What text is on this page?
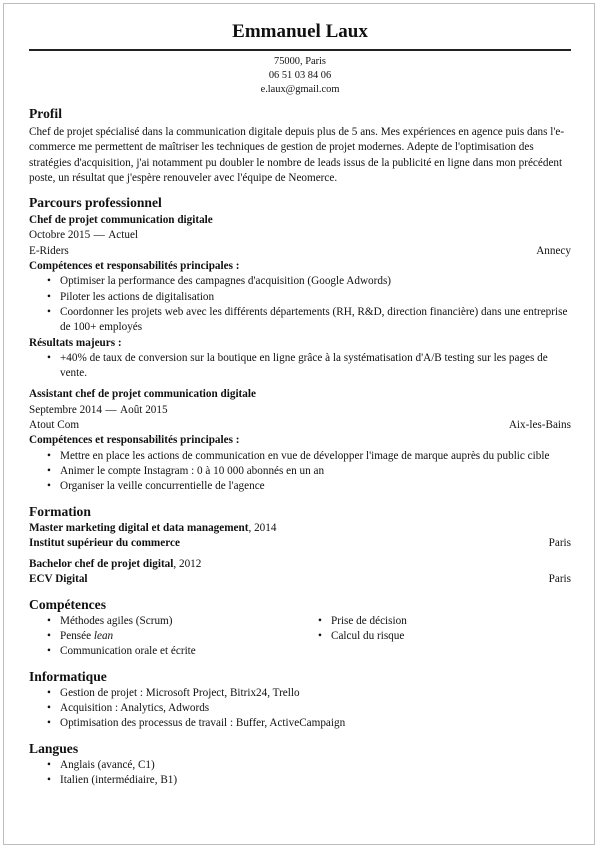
Emmanuel Laux
75000, Paris
06 51 03 84 06
e.laux@gmail.com
Profil

Chef de projet spécialisé dans la communication digitale depuis plus de 5 ans. Mes expériences en agence puis dans l'e-commerce me permettent de maîtriser les techniques de gestion de projet modernes. Adepte de l'optimisation des stratégies d'acquisition, j'ai notamment pu doubler le nombre de leads issus de la publicité en ligne dans mon précédent poste, un résultat que j'espère renouveler avec l'équipe de Neomerce.

Parcours professionnel
Chef de projet communication digitale
Octobre 2015 — Actuel
E-Riders	Annecy
Compétences et responsabilités principales :
• Optimiser la performance des campagnes d'acquisition (Google Adwords)
• Piloter les actions de digitalisation
• Coordonner les projets web avec les différents départements (RH, R&D, direction financière) dans une entreprise de 100+ employés
Résultats majeurs :
• +40% de taux de conversion sur la boutique en ligne grâce à la systématisation d'A/B testing sur les pages de vente.
Assistant chef de projet communication digitale
Septembre 2014 — Août 2015
Atout Com	Aix-les-Bains
Compétences et responsabilités principales :
• Mettre en place les actions de communication en vue de développer l'image de marque auprès du public cible
• Animer le compte Instagram : 0 à 10 000 abonnés en un an
• Organiser la veille concurrentielle de l'agence
Formation
Master marketing digital et data management, 2014
Institut supérieur du commerce	Paris
Bachelor chef de projet digital, 2012
ECV Digital	Paris
Compétences
• Méthodes agiles (Scrum)
• Pensée lean
• Communication orale et écrite
• Prise de décision
• Calcul du risque
Informatique
• Gestion de projet : Microsoft Project, Bitrix24, Trello
• Acquisition : Analytics, Adwords
• Optimisation des processus de travail : Buffer, ActiveCampaign
Langues
• Anglais (avancé, C1)
• Italien (intermédiaire, B1)
